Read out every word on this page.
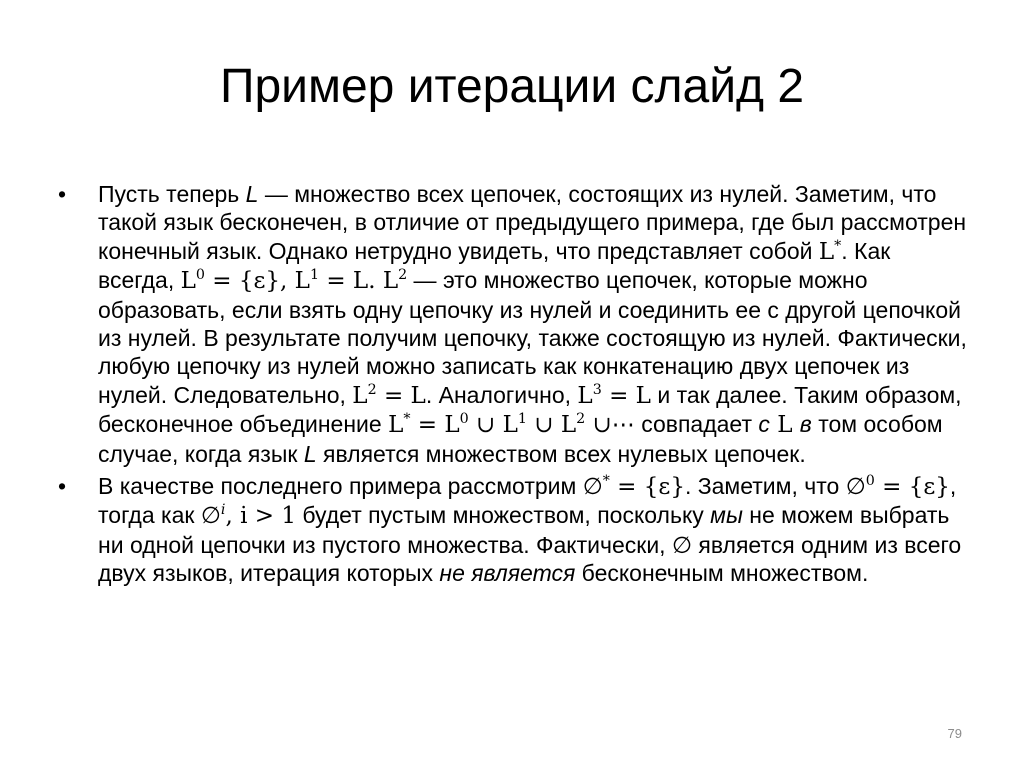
Пример итерации слайд 2
•	Пусть теперь L — множество всех цепочек, состоящих из нулей. Заметим, что такой язык бесконечен, в отличие от предыдущего примера, где был рассмотрен конечный язык. Однако нетрудно увидеть, что представляет собой L*. Как всегда, $L^0 = \{\varepsilon\}$, $L^1 = L$. $L^2$ — это множество цепочек, которые можно образовать, если взять одну цепочку из нулей и соединить ее с другой цепочкой из нулей. В результате получим цепочку, также состоящую из нулей. Фактически, любую цепочку из нулей можно записать как конкатенацию двух цепочек из нулей. Следовательно, $L^2 = L$. Аналогично, $L^3 = L$ и так далее. Таким образом, бесконечное объединение $L^* = L^0$ ∪ $L^1$ ∪ $L^2$ ∪⋯ совпадает с L в том особом случае, когда язык L является множеством всех нулевых цепочек.
•	В качестве последнего примера рассмотрим ∅* = {ε}. Заметим, что ∅$^0$ = {ε}, тогда как ∅$^i$, i > 1 будет пустым множеством, поскольку мы не можем выбрать ни одной цепочки из пустого множества. Фактически, ∅ является одним из всего двух языков, итерация которых не является бесконечным множеством.
79
